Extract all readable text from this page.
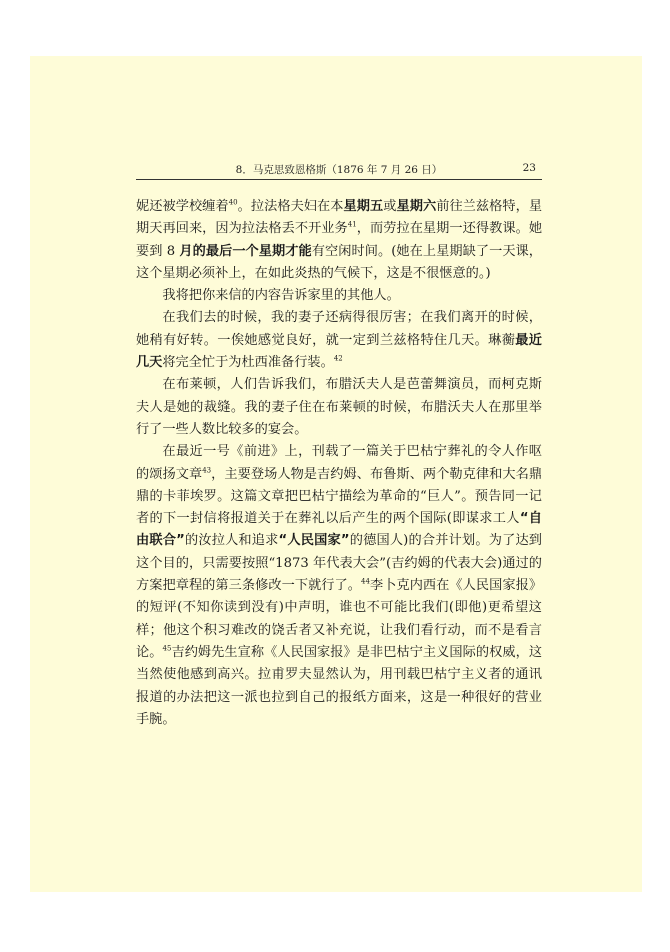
8．马克思致恩格斯（1876 年 7 月 26 日）	23

妮还被学校缠着$^{40}$。拉法格夫妇在本星期五或星期六前往兰兹格特，星期天再回来，因为拉法格丢不开业务$^{41}$，而劳拉在星期一还得教课。她要到 8 月的最后一个星期才能有空闲时间。(她在上星期缺了一天课，这个星期必须补上，在如此炎热的气候下，这是不很惬意的。)

我将把你来信的内容告诉家里的其他人。

在我们去的时候，我的妻子还病得很厉害；在我们离开的时候，她稍有好转。一俟她感觉良好，就一定到兰兹格特住几天。琳蘅最近几天将完全忙于为杜西准备行装。$^{42}$

在布莱顿，人们告诉我们，布腊沃夫人是芭蕾舞演员，而柯克斯夫人是她的裁缝。我的妻子住在布莱顿的时候，布腊沃夫人在那里举行了一些人数比较多的宴会。

在最近一号《前进》上，刊载了一篇关于巴枯宁葬礼的令人作呕的颂扬文章$^{43}$，主要登场人物是吉约姆、布鲁斯、两个勒克律和大名鼎鼎的卡菲埃罗。这篇文章把巴枯宁描绘为革命的“巨人”。预告同一记者的下一封信将报道关于在葬礼以后产生的两个国际(即谋求工人“自由联合”的汝拉人和追求“人民国家”的德国人)的合并计划。为了达到这个目的，只需要按照“1873 年代表大会”(吉约姆的代表大会)通过的方案把章程的第三条修改一下就行了。$^{44}$李卜克内西在《人民国家报》的短评(不知你读到没有)中声明，谁也不可能比我们(即他)更希望这样；他这个积习难改的饶舌者又补充说，让我们看行动，而不是看言论。$^{45}$吉约姆先生宣称《人民国家报》是非巴枯宁主义国际的权威，这当然使他感到高兴。拉甫罗夫显然认为，用刊载巴枯宁主义者的通讯报道的办法把这一派也拉到自己的报纸方面来，这是一种很好的营业手腕。
